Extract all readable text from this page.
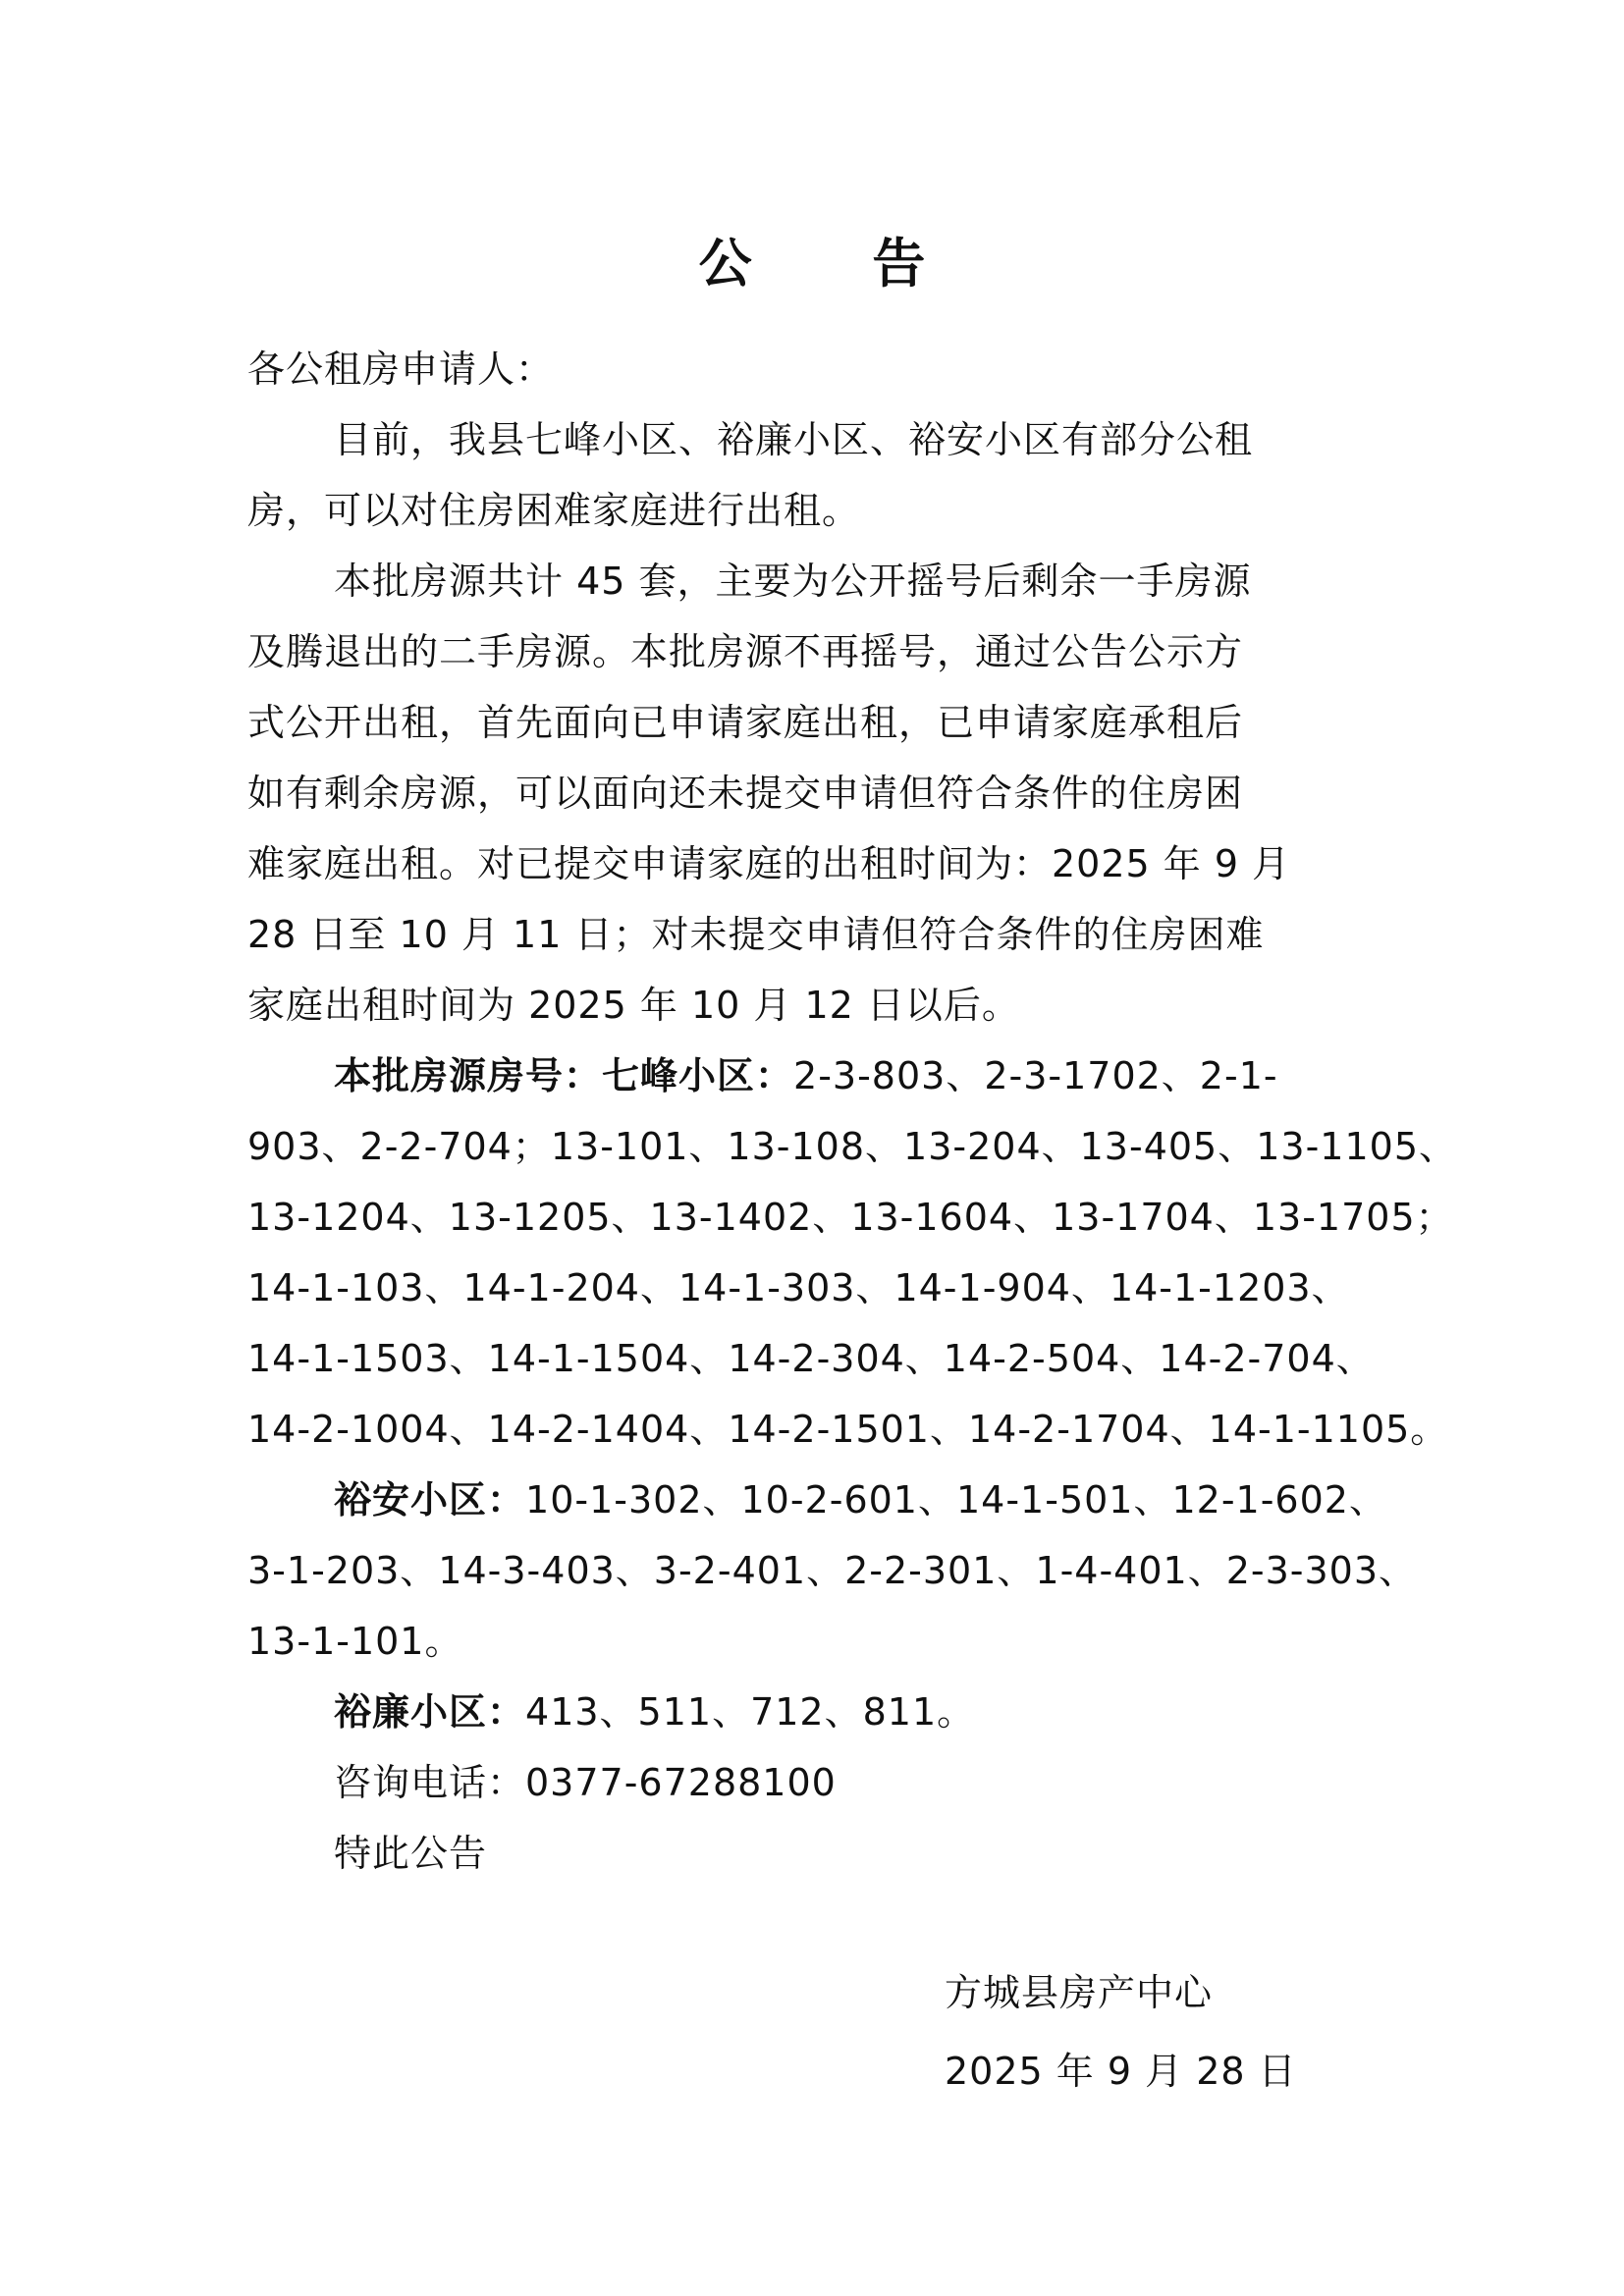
公 告
各公租房申请人：
目前，我县七峰小区、裕廉小区、裕安小区有部分公租
房，可以对住房困难家庭进行出租。
本批房源共计 45 套，主要为公开摇号后剩余一手房源
及腾退出的二手房源。本批房源不再摇号，通过公告公示方
式公开出租，首先面向已申请家庭出租，已申请家庭承租后
如有剩余房源，可以面向还未提交申请但符合条件的住房困
难家庭出租。对已提交申请家庭的出租时间为：2025 年 9 月
28 日至 10 月 11 日；对未提交申请但符合条件的住房困难
家庭出租时间为 2025 年 10 月 12 日以后。
本批房源房号：七峰小区：2-3-803、2-3-1702、2-1-
903、2-2-704；13-101、13-108、13-204、13-405、13-1105、
13-1204、13-1205、13-1402、13-1604、13-1704、13-1705；
14-1-103、14-1-204、14-1-303、14-1-904、14-1-1203、
14-1-1503、14-1-1504、14-2-304、14-2-504、14-2-704、
14-2-1004、14-2-1404、14-2-1501、14-2-1704、14-1-1105。
裕安小区：10-1-302、10-2-601、14-1-501、12-1-602、
3-1-203、14-3-403、3-2-401、2-2-301、1-4-401、2-3-303、
13-1-101。
裕廉小区：413、511、712、811。
咨询电话：0377-67288100
特此公告
方城县房产中心
2025 年 9 月 28 日
